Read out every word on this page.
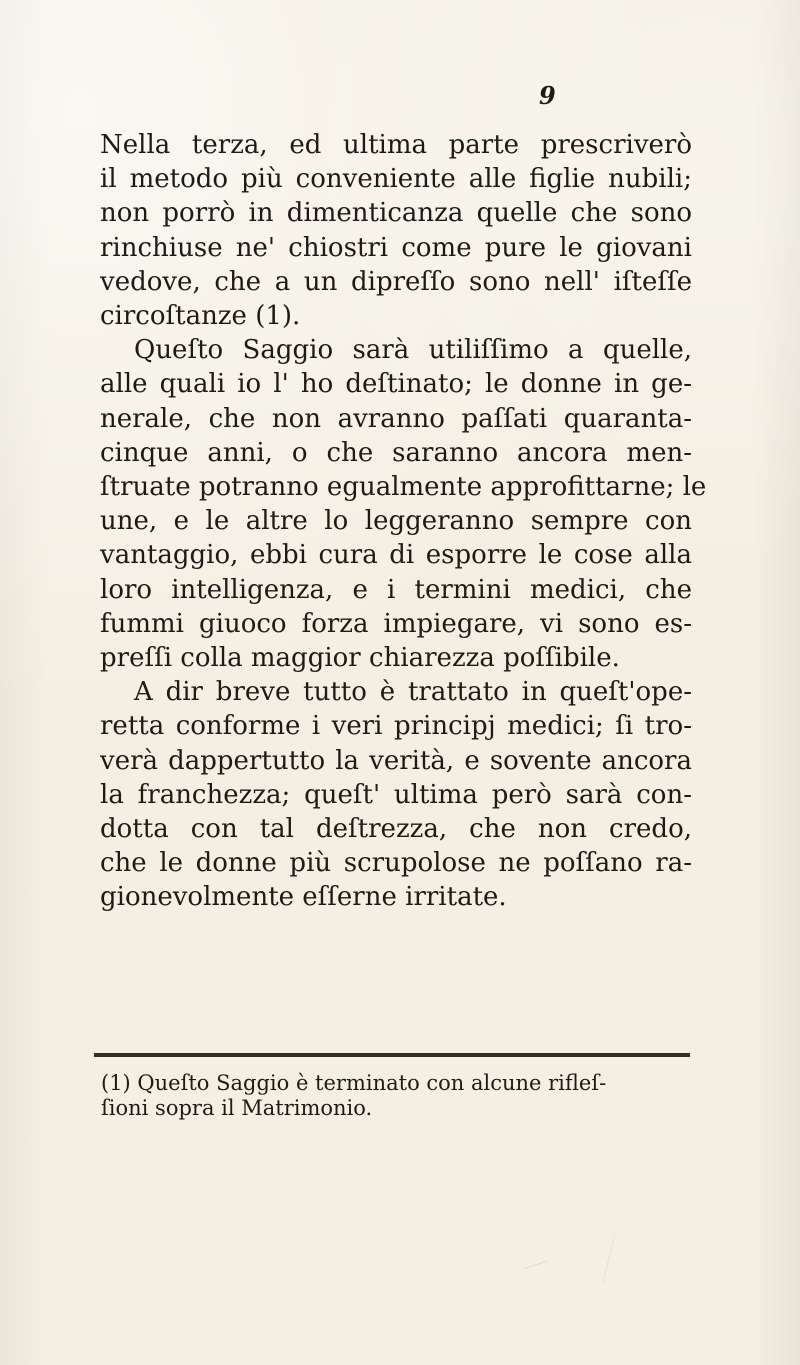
9
Nella terza, ed ultima parte prescriverò
il metodo più conveniente alle figlie nubili;
non porrò in dimenticanza quelle che sono
rinchiuse ne' chiostri come pure le giovani
vedove, che a un dipreſſo sono nell' iſteſſe
circoſtanze (1).
Queſto Saggio sarà utiliſſimo a quelle,
alle quali io l' ho deſtinato; le donne in ge-
nerale, che non avranno paſſati quaranta-
cinque anni, o che saranno ancora men-
ſtruate potranno egualmente approfittarne; le
une, e le altre lo leggeranno sempre con
vantaggio, ebbi cura di esporre le cose alla
loro intelligenza, e i termini medici, che
fummi giuoco forza impiegare, vi sono es-
preſſi colla maggior chiarezza poſſibile.
A dir breve tutto è trattato in queſt'ope-
retta conforme i veri principj medici; ſi tro-
verà dappertutto la verità, e sovente ancora
la franchezza; queſt' ultima però sarà con-
dotta con tal deſtrezza, che non credo,
che le donne più scrupolose ne poſſano ra-
gionevolmente eſſerne irritate.
(1) Queſto Saggio è terminato con alcune rifleſ-
ſioni sopra il Matrimonio.
